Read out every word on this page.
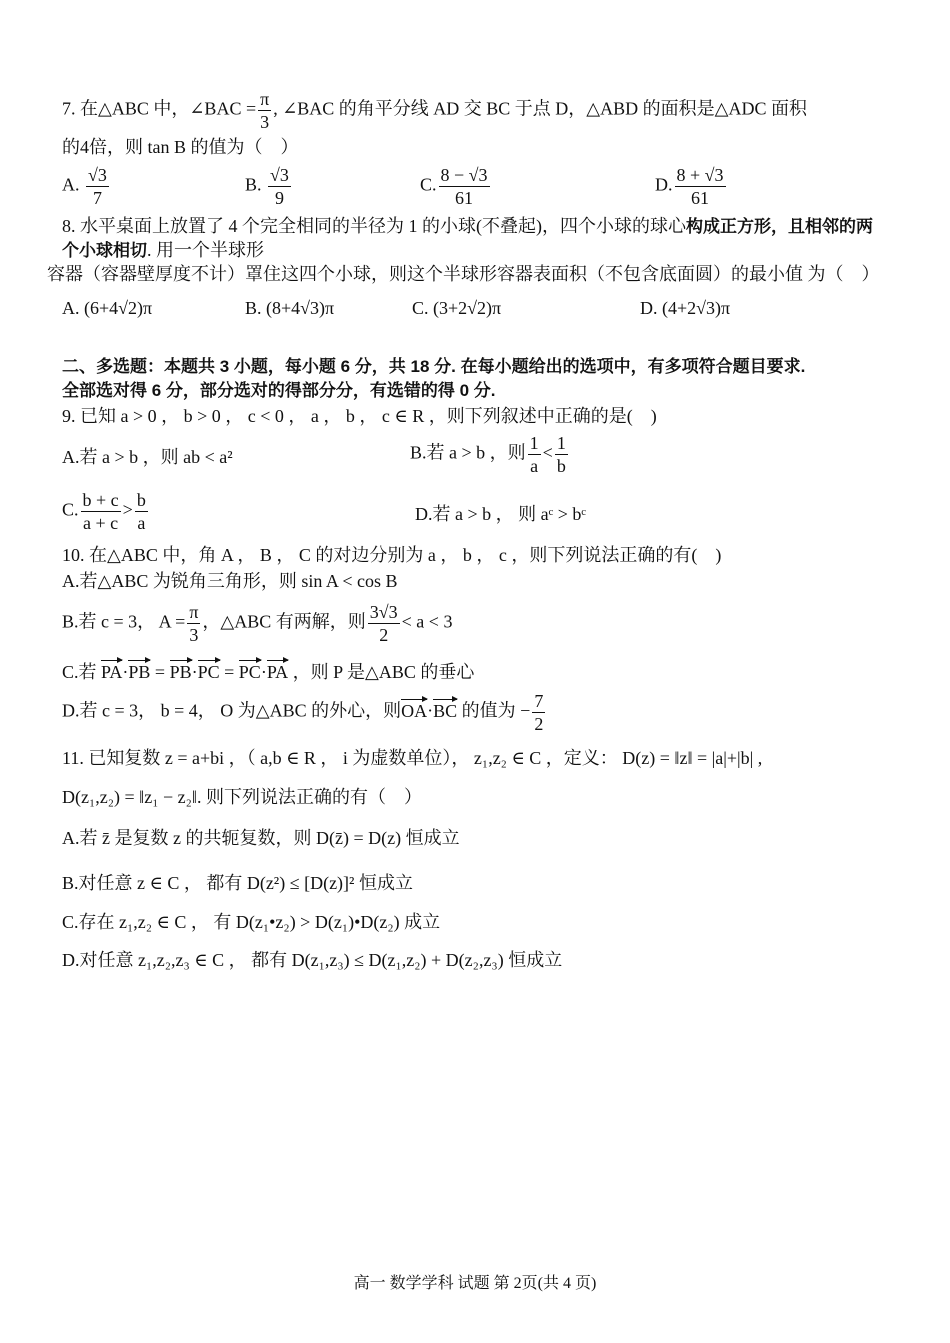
7. 在△ABC 中，∠BAC = $\frac{\pi}{3}$ , ∠BAC 的角平分线 AD 交 BC 于点 D，△ABD 的面积是△ADC 面积
的4倍，则 tan B 的值为（　）
A. $\frac{√3}{7}$	B. $\frac{√3}{9}$	C. $\frac{8 - √3}{61}$	D. $\frac{8 + √3}{61}$
8. 水平桌面上放置了 4 个完全相同的半径为 1 的小球(不叠起)，四个小球的球心构成正方形，且相邻的两
个小球相切. 用一个半球形
容器（容器壁厚度不计）罩住这四个小球，则这个半球形容器表面积（不包含底面圆）的最小值 为（　）
A. (6+4√2)π	B. (8+4√3)π	C. (3+2√2)π	D. (4+2√3)π
二、多选题：本题共 3 小题，每小题 6 分，共 18 分. 在每小题给出的选项中，有多项符合题目要求.
全部选对得 6 分，部分选对的得部分分，有选错的得 0 分.
9. 已知 a > 0 ， b > 0 ， c < 0 ， a ， b ， c ∈ R ，则下列叙述中正确的是(　)
A.若 a > b ，则 ab < a²	B.若 a > b ，则 $\frac{1}{a} < \frac{1}{b}$
C. $\frac{b + c}{a + c} > \frac{b}{a}$	D.若 a > b ， 则 aᶜ > bᶜ
10. 在△ABC 中，角 A ， B ， C 的对边分别为 a ， b ， c ，则下列说法正确的有(　)
A.若△ABC 为锐角三角形，则 sin A < cos B
B.若 c = 3， $A = \frac{\pi}{3}$ ，△ABC 有两解，则 $\frac{3√3}{2} < a < 3$
C.若 PA·PB = PB·PC = PC·PA ，则 P 是△ABC 的垂心
D.若 c = 3， b = 4， O 为△ABC 的外心，则OA·BC 的值为 − $\frac{7}{2}$
11. 已知复数 z = a+bi ，（ a,b ∈ R ， i 为虚数单位）， z₁,z₂ ∈ C ，定义： D(z) = ‖z‖ = |a|+|b| ,
D(z₁,z₂) = ‖z₁ − z₂‖. 则下列说法正确的有（　）
A.若 z̄ 是复数 z 的共轭复数，则 D(z̄) = D(z) 恒成立
B.对任意 z ∈ C ， 都有 D(z²) ≤ [D(z)]² 恒成立
C.存在 z₁,z₂ ∈ C ， 有 D(z₁•z₂) > D(z₁)•D(z₂) 成立
D.对任意 z₁,z₂,z₃ ∈ C ， 都有 D(z₁,z₃) ≤ D(z₁,z₂) + D(z₂,z₃) 恒成立
高一 数学学科 试题 第 2页(共 4 页)
